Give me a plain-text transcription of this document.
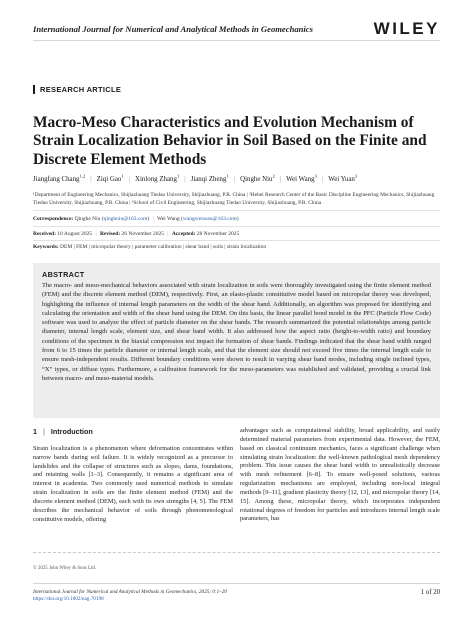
International Journal for Numerical and Analytical Methods in Geomechanics	WILEY
RESEARCH ARTICLE
Macro-Meso Characteristics and Evolution Mechanism of Strain Localization Behavior in Soil Based on the Finite and Discrete Element Methods
Jiangfang Chang$^{1,2}$ | Ziqi Gao$^1$ | Xinlong Zhang$^1$ | Jianqi Zheng$^1$ | Qinghe Niu$^2$ | Wei Wang$^3$ | Wei Yuan$^3$
¹Department of Engineering Mechanics, Shijiazhuang Tiedao University, Shijiazhuang, P.R. China | ²Hebei Research Center of the Basic Discipline Engineering Mechanics, Shijiazhuang Tiedao University, Shijiazhuang, P.R. China | ³School of Civil Engineering, Shijiazhuang Tiedao University, Shijiazhuang, P.R. China
Correspondence: Qinghe Niu (qinghniu@163.com) | Wei Wang (wangweisusu@163.com)
Received: 10 August 2025 | Revised: 26 November 2025 | Accepted: 28 November 2025
Keywords: DEM | FEM | micropolar theory | parameter calibration | shear band | soils | strain localization
ABSTRACT

The macro- and meso-mechanical behaviors associated with strain localization in soils were thoroughly investigated using the finite element method (FEM) and the discrete element method (DEM), respectively. First, an elasto-plastic constitutive model based on micropolar theory was developed, highlighting the influence of internal length parameters on the width of the shear band. Additionally, an algorithm was proposed for identifying and calculating the orientation and width of the shear band using the DEM. On this basis, the linear parallel bond model in the PFC (Particle Flow Code) software was used to analyze the effect of particle diameter on the shear bands. The research summarized the potential relationships among particle diameter, internal length scale, element size, and shear band width. It also addressed how the aspect ratio (height-to-width ratio) and boundary conditions of the specimen in the biaxial compression test impact the formation of shear bands. Findings indicated that the shear band width ranged from 6 to 15 times the particle diameter or internal length scale, and that the element size should not exceed five times the internal length scale to ensure mesh-independent results. Different boundary conditions were shown to result in varying shear band modes, including single inclined types, “X” types, or diffuse types. Furthermore, a calibration framework for the meso-parameters was established and validated, providing a crucial link between macro- and meso-material models.

1 | Introduction

Strain localization is a phenomenon where deformation concentrates within narrow bands during soil failure. It is widely recognized as a precursor to landslides and the collapse of structures such as slopes, dams, foundations, and retaining walls [1–3]. Consequently, it remains a significant area of interest in academia. Two commonly used numerical methods to simulate strain localization in soils are the finite element method (FEM) and the discrete element method (DEM), each with its own strengths [4, 5]. The FEM describes the mechanical behavior of soils through phenomenological constitutive models, offering

advantages such as computational stability, broad applicability, and easily determined material parameters from experimental data. However, the FEM, based on classical continuum mechanics, faces a significant challenge when simulating strain localization: the well-known pathological mesh dependency problem. This issue causes the shear band width to unrealistically decrease with mesh refinement [6–8]. To ensure well-posed solutions, various regularization mechanisms are employed, including non-local integral methods [9–11], gradient plasticity theory [12, 13], and micropolar theory [14, 15]. Among these, micropolar theory, which incorporates independent rotational degrees of freedom for particles and introduces internal length scale parameters, has

© 2025 John Wiley & Sons Ltd.
International Journal for Numerical and Analytical Methods in Geomechanics, 2025; 0:1–20
https://doi.org/10.1002/nag.70198
1 of 20
